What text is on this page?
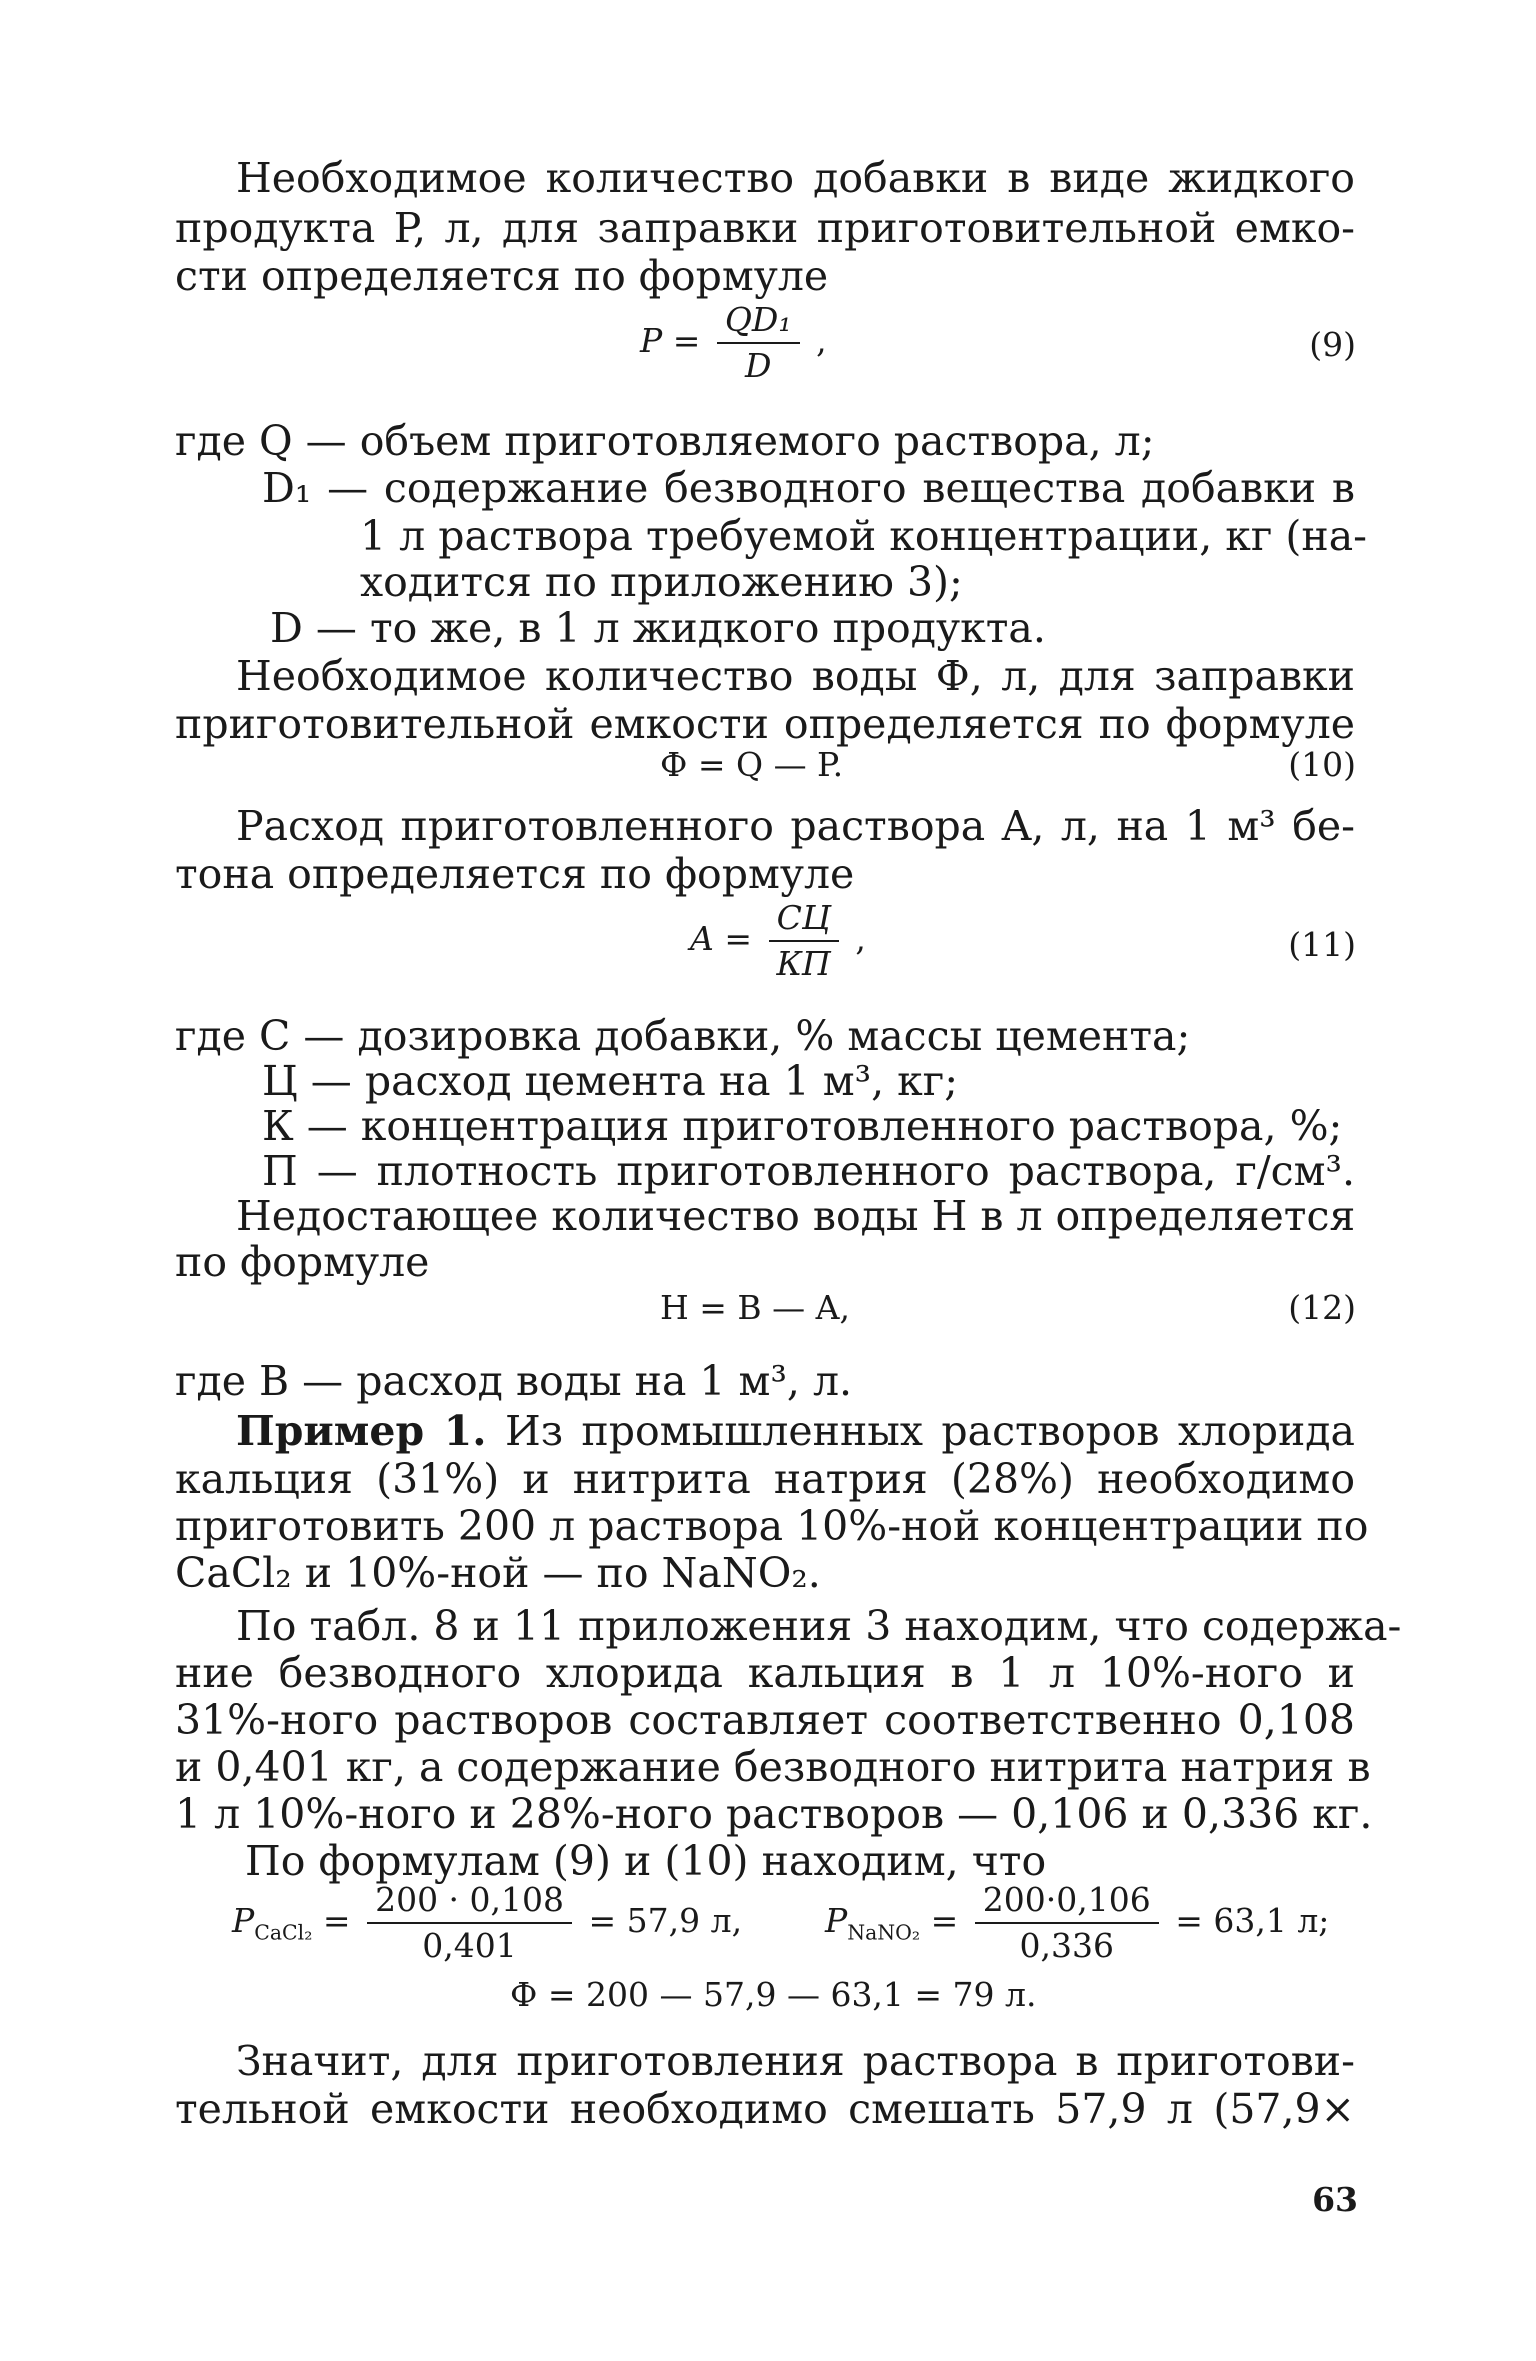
Необходимое количество добавки в виде жидкого
продукта P, л, для заправки приготовительной емко-
сти определяется по формуле
$P = \frac{\text{QD₁}}{D}$ ,	(9)
где Q — объем приготовляемого раствора, л;
D₁ — содержание безводного вещества добавки в
1 л раствора требуемой концентрации, кг (на-
ходится по приложению 3);
D — то же, в 1 л жидкого продукта.
Необходимое количество воды Ф, л, для заправки
приготовительной емкости определяется по формуле
Ф = Q — P.	(10)
Расход приготовленного раствора A, л, на 1 м³ бе-
тона определяется по формуле
$A = \frac{СЦ}{КП}$ ,	(11)
где C — дозировка добавки, % массы цемента;
Ц — расход цемента на 1 м³, кг;
К — концентрация приготовленного раствора, %;
П — плотность приготовленного раствора, г/см³.
Недостающее количество воды H в л определяется
по формуле
H = B — A,	(12)
где B — расход воды на 1 м³, л.
Пример 1. Из промышленных растворов хлорида
кальция (31%) и нитрита натрия (28%) необходимо
приготовить 200 л раствора 10%-ной концентрации по
CaCl₂ и 10%-ной — по NaNO₂.
По табл. 8 и 11 приложения 3 находим, что содержа-
ние безводного хлорида кальция в 1 л 10%-ного и
31%-ного растворов составляет соответственно 0,108
и 0,401 кг, а содержание безводного нитрита натрия в
1 л 10%-ного и 28%-ного растворов — 0,106 и 0,336 кг.
По формулам (9) и (10) находим, что
$P_{CaCl_2} = \frac{200 \cdot 0,108}{0,401} = 57,9$ л,	$P_{NaNO_2} = \frac{200\cdot 0,106}{0,336} = 63,1$ л;
Ф = 200 — 57,9 — 63,1 = 79 л.
Значит, для приготовления раствора в приготови-
тельной емкости необходимо смешать 57,9 л (57,9×
63
